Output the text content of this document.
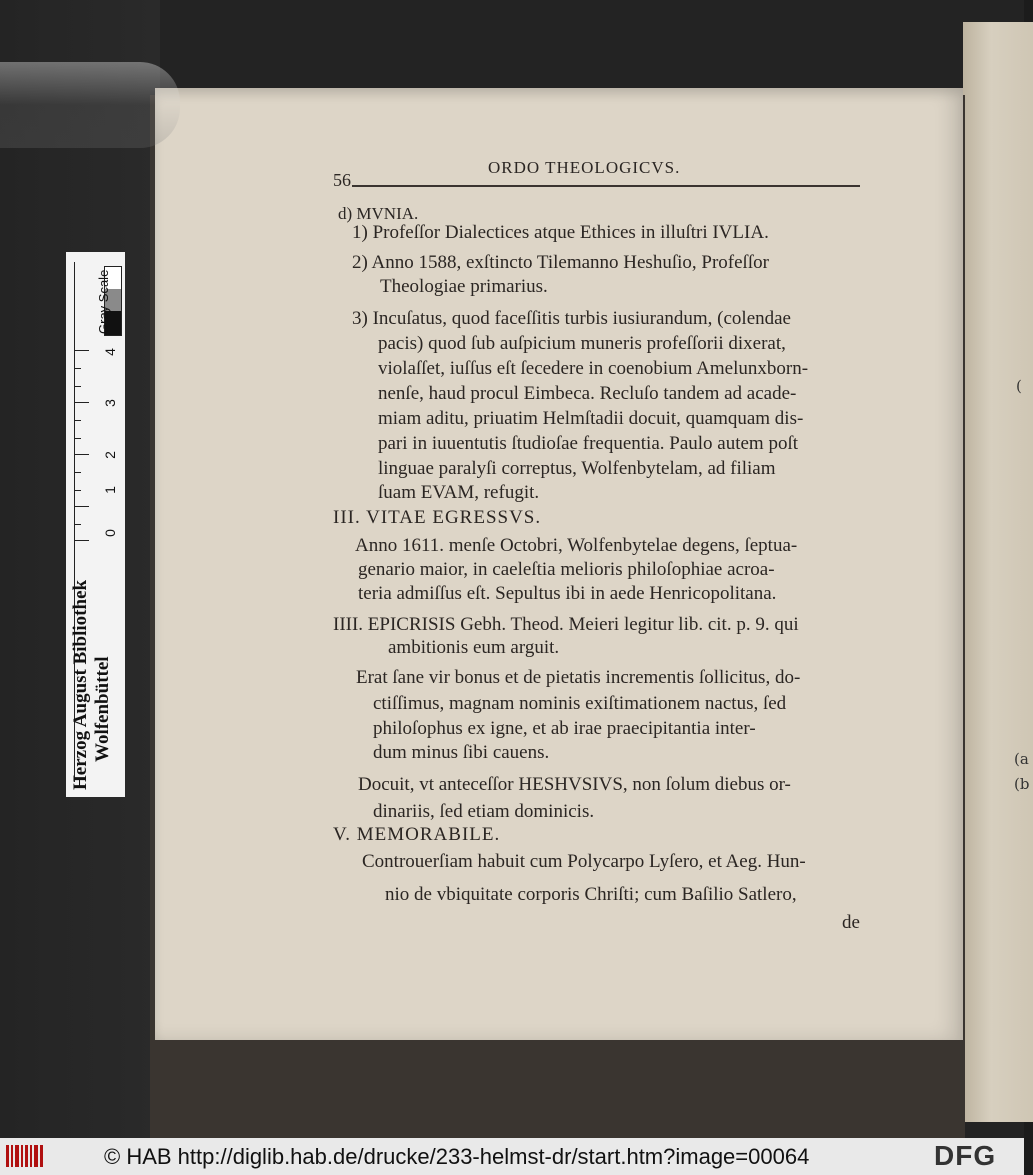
(
(a
(b
56
ORDO THEOLOGICVS.
d) MVNIA.
1) Profeſſor Dialectices atque Ethices in illuſtri IVLIA.
2) Anno 1588, exſtincto Tilemanno Heshuſio, Profeſſor
Theologiae primarius.
3) Incuſatus, quod faceſſitis turbis iusiurandum, (colendae
pacis) quod ſub auſpicium muneris profeſſorii dixerat,
violaſſet, iuſſus eſt ſecedere in coenobium Amelunxborn-
nenſe, haud procul Eimbeca. Recluſo tandem ad acade-
miam aditu, priuatim Helmſtadii docuit, quamquam dis-
pari in iuuentutis ſtudioſae frequentia. Paulo autem poſt
linguae paralyſi correptus, Wolfenbytelam, ad filiam
ſuam EVAM, refugit.
III. VITAE EGRESSVS.
Anno 1611. menſe Octobri, Wolfenbytelae degens, ſeptua-
genario maior, in caeleſtia melioris philoſophiae acroa-
teria admiſſus eſt. Sepultus ibi in aede Henricopolitana.
IIII. EPICRISIS Gebh. Theod. Meieri legitur lib. cit. p. 9. qui
ambitionis eum arguit.
Erat ſane vir bonus et de pietatis incrementis ſollicitus, do-
ctiſſimus, magnam nominis exiſtimationem nactus, ſed
philoſophus ex igne, et ab irae praecipitantia inter-
dum minus ſibi cauens.
Docuit, vt anteceſſor HESHVSIVS, non ſolum diebus or-
dinariis, ſed etiam dominicis.
V. MEMORABILE.
Controuerſiam habuit cum Polycarpo Lyſero, et Aeg. Hun-
nio de vbiquitate corporis Chriſti; cum Baſilio Satlero,
de
Gray Scale
4
3
2
1
0
Herzog August Bibliothek Wolfenbüttel
© HAB http://diglib.hab.de/drucke/233-helmst-dr/start.htm?image=00064	DFG
